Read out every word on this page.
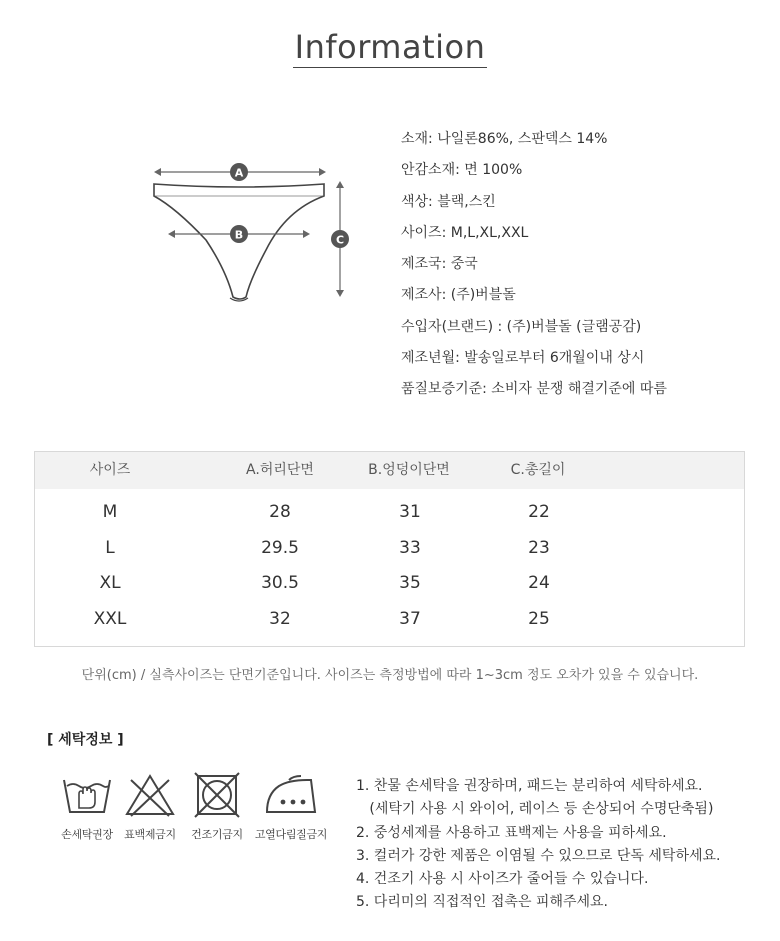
Information
A
B	C
소재: 나일론86%, 스판덱스 14%
안감소재: 면 100%
색상: 블랙,스킨
사이즈: M,L,XL,XXL
제조국: 중국
제조사: (주)버블돌
수입자(브랜드) : (주)버블돌 (글램공감)
제조년월: 발송일로부터 6개월이내 상시
품질보증기준: 소비자 분쟁 해결기준에 따름
사이즈	A.허리단면	B.엉덩이단면	C.총길이
M	28	31	22
L	29.5	33	23
XL	30.5	35	24
XXL	32	37	25
단위(cm) / 실측사이즈는 단면기준입니다. 사이즈는 측정방법에 따라 1~3cm 정도 오차가 있을 수 있습니다.
[ 세탁정보 ]
손세탁권장	표백제금지	건조기금지	고열다림질금지
1. 찬물 손세탁을 권장하며, 패드는 분리하여 세탁하세요.
(세탁기 사용 시 와이어, 레이스 등 손상되어 수명단축됨)
2. 중성세제를 사용하고 표백제는 사용을 피하세요.
3. 컬러가 강한 제품은 이염될 수 있으므로 단독 세탁하세요.
4. 건조기 사용 시 사이즈가 줄어들 수 있습니다.
5. 다리미의 직접적인 접촉은 피해주세요.
